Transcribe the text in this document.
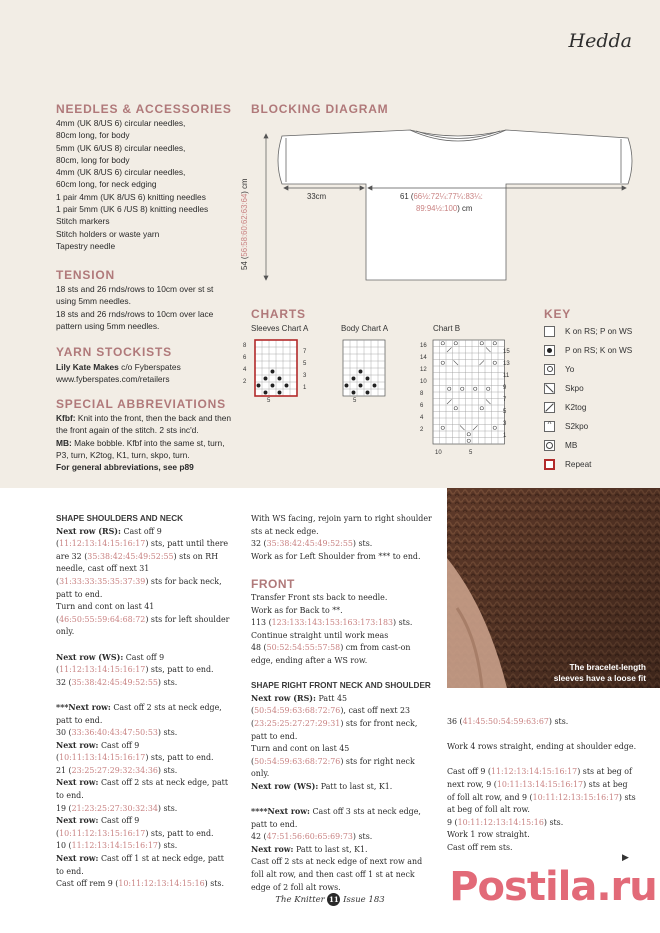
Hedda
NEEDLES & ACCESSORIES
4mm (UK 8/US 6) circular needles,
80cm long, for body
5mm (UK 6/US 8) circular needles,
80cm, long for body
4mm (UK 8/US 6) circular needles,
60cm long, for neck edging
1 pair 4mm (UK 8/US 6) knitting needles
1 pair 5mm (UK 6 /US 8) knitting needles
Stitch markers
Stitch holders or waste yarn
Tapestry needle
TENSION
18 sts and 26 rnds/rows to 10cm over st st
using 5mm needles.
18 sts and 26 rnds/rows to 10cm over lace
pattern using 5mm needles.
YARN STOCKISTS
Lily Kate Makes c/o Fyberspates
www.fyberspates.com/retailers
SPECIAL ABBREVIATIONS

Kfbf: Knit into the front, then the back and then the front again of the stitch. 2 sts inc'd.

MB: Make bobble. Kfbf into the same st, turn, P3, turn, K2tog, K1, turn, skpo, turn.

For general abbreviations, see p89

BLOCKING DIAGRAM
33cm	61 (66½:72¼:77¼:83¼:
89:94½:100) cm
54 (56:58:60:62:63:64) cm
CHARTS
Sleeves Chart A	Body Chart A	Chart B
8
6
4
2
7
5
3
1
5	5
16
14
12
10
8
6
4
2
15
13
11
9
7
5
3
1
10	5
KEY
K on RS; P on WS
P on RS; K on WS
Yo
Skpo
K2tog
^	S2kpo
MB
Repeat
The bracelet-length
sleeves have a loose fit
SHAPE SHOULDERS AND NECK

Next row (RS): Cast off 9 (11:12:13:14:15:16:17) sts, patt until there are 32 (35:38:42:45:49:52:55) sts on RH needle, cast off next 31 (31:33:33:35:35:37:39) sts for back neck, patt to end.
Turn and cont on last 41 (46:50:55:59:64:68:72) sts for left shoulder only.

Next row (WS): Cast off 9 (11:12:13:14:15:16:17) sts, patt to end.
32 (35:38:42:45:49:52:55) sts.

***Next row: Cast off 2 sts at neck edge, patt to end.
30 (33:36:40:43:47:50:53) sts.
Next row: Cast off 9 (10:11:13:14:15:16:17) sts, patt to end.
21 (23:25:27:29:32:34:36) sts.
Next row: Cast off 2 sts at neck edge, patt to end.
19 (21:23:25:27:30:32:34) sts.
Next row: Cast off 9 (10:11:12:13:15:16:17) sts, patt to end.
10 (11:12:13:14:15:16:17) sts.
Next row: Cast off 1 st at neck edge, patt to end.
Cast off rem 9 (10:11:12:13:14:15:16) sts.

With WS facing, rejoin yarn to right shoulder sts at neck edge.
32 (35:38:42:45:49:52:55) sts.
Work as for Left Shoulder from *** to end.

FRONT

Transfer Front sts back to needle.
Work as for Back to **.
113 (123:133:143:153:163:173:183) sts.
Continue straight until work meas
48 (50:52:54:55:57:58) cm from cast-on edge, ending after a WS row.

SHAPE RIGHT FRONT NECK AND SHOULDER

Next row (RS): Patt 45 (50:54:59:63:68:72:76), cast off next 23 (23:25:25:27:27:29:31) sts for front neck, patt to end.
Turn and cont on last 45 (50:54:59:63:68:72:76) sts for right neck only.
Next row (WS): Patt to last st, K1.

****Next row: Cast off 3 sts at neck edge, patt to end.
42 (47:51:56:60:65:69:73) sts.
Next row: Patt to last st, K1.
Cast off 2 sts at neck edge of next row and foll alt row, and then cast off 1 st at neck edge of 2 foll alt rows.

36 (41:45:50:54:59:63:67) sts.

Work 4 rows straight, ending at shoulder edge.

Cast off 9 (11:12:13:14:15:16:17) sts at beg of next row, 9 (10:11:13:14:15:16:17) sts at beg of foll alt row, and 9 (10:11:12:13:15:16:17) sts at beg of foll alt row.
9 (10:11:12:13:14:15:16) sts.
Work 1 row straight.
Cast off rem sts.

▶
Postila.ru
The Knitter 11 Issue 183
